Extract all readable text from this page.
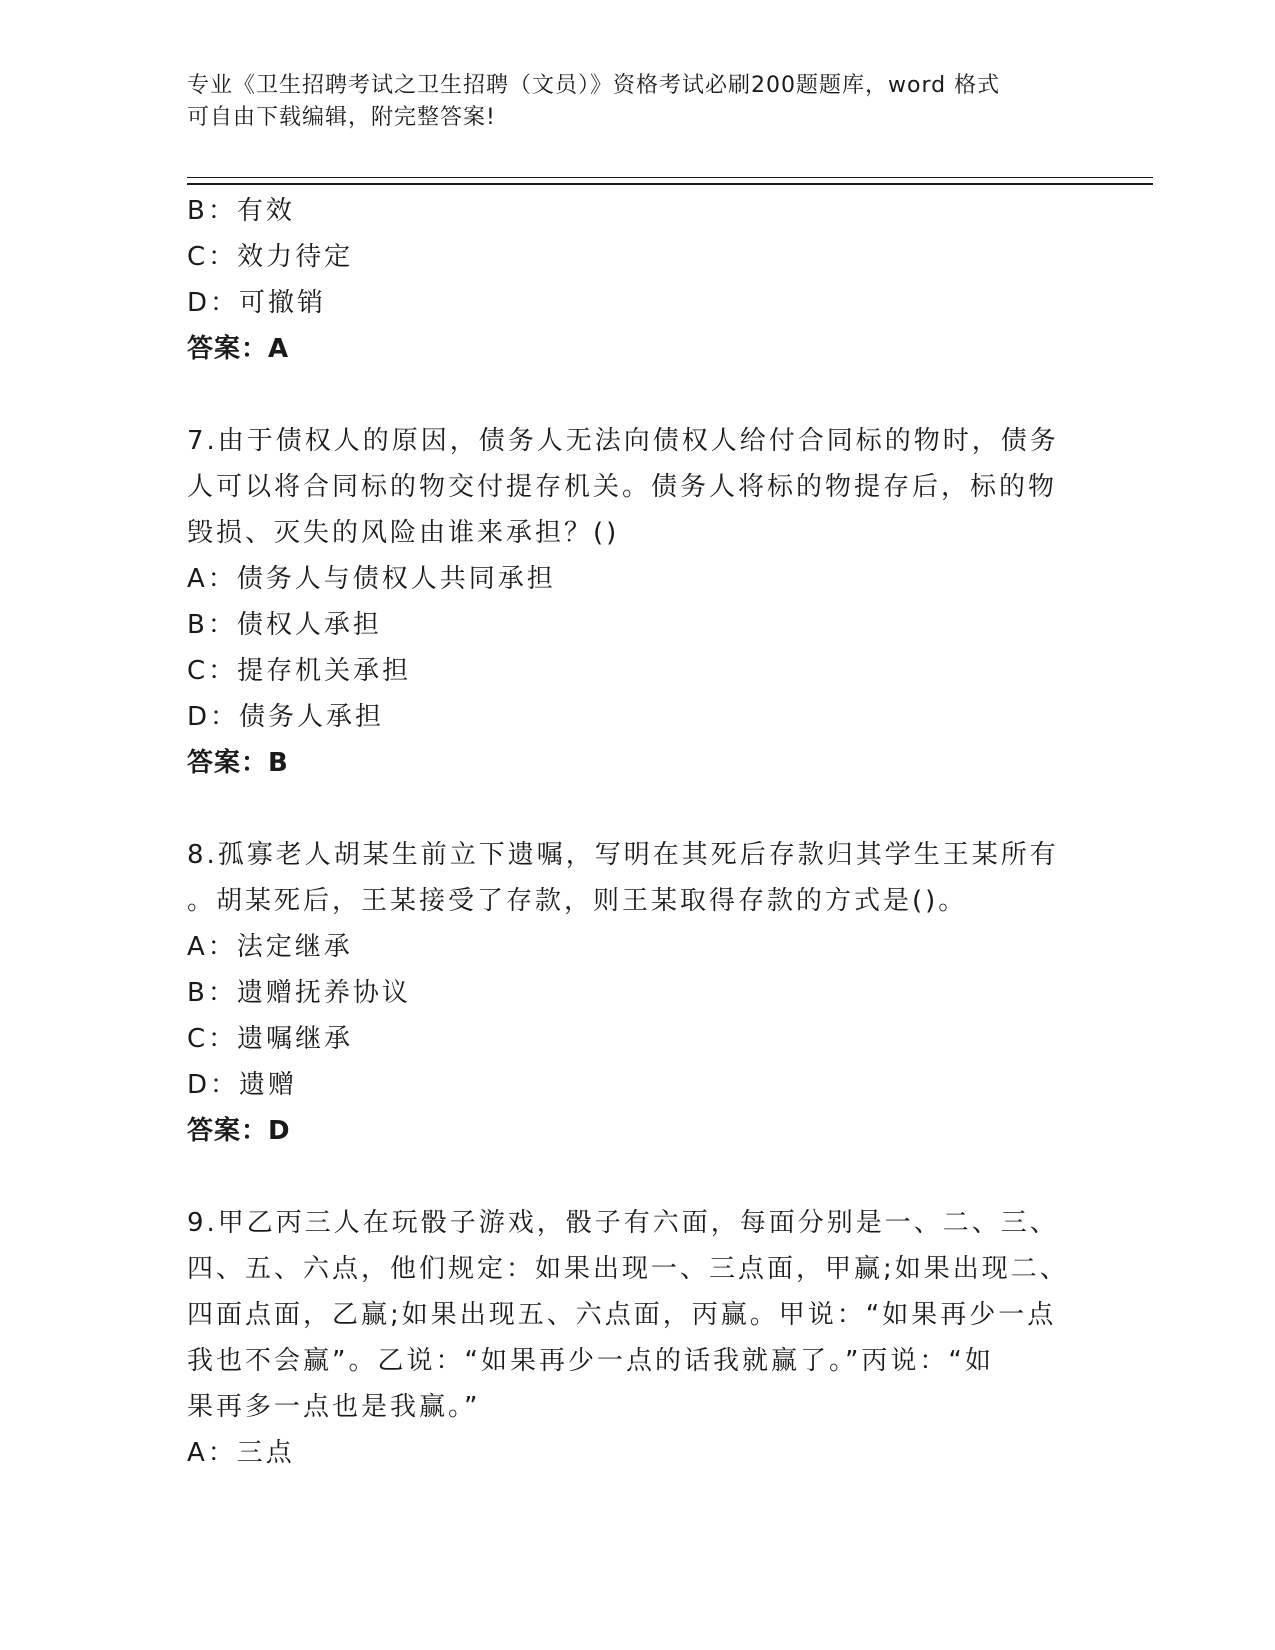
专业《卫生招聘考试之卫生招聘（文员）》资格考试必刷200题题库，word 格式
可自由下载编辑，附完整答案!
B：有效
C：效力待定
D：可撤销
答案：A
7.由于债权人的原因，债务人无法向债权人给付合同标的物时，债务
人可以将合同标的物交付提存机关。债务人将标的物提存后，标的物
毁损、灭失的风险由谁来承担？()
A：债务人与债权人共同承担
B：债权人承担
C：提存机关承担
D：债务人承担
答案：B
8.孤寡老人胡某生前立下遗嘱，写明在其死后存款归其学生王某所有
。胡某死后，王某接受了存款，则王某取得存款的方式是()。
A：法定继承
B：遗赠抚养协议
C：遗嘱继承
D：遗赠
答案：D
9.甲乙丙三人在玩骰子游戏，骰子有六面，每面分别是一、二、三、
四、五、六点，他们规定：如果出现一、三点面，甲赢;如果出现二、
四面点面，乙赢;如果出现五、六点面，丙赢。甲说：“如果再少一点
我也不会赢”。乙说：“如果再少一点的话我就赢了。”丙说：“如
果再多一点也是我赢。”
A：三点
